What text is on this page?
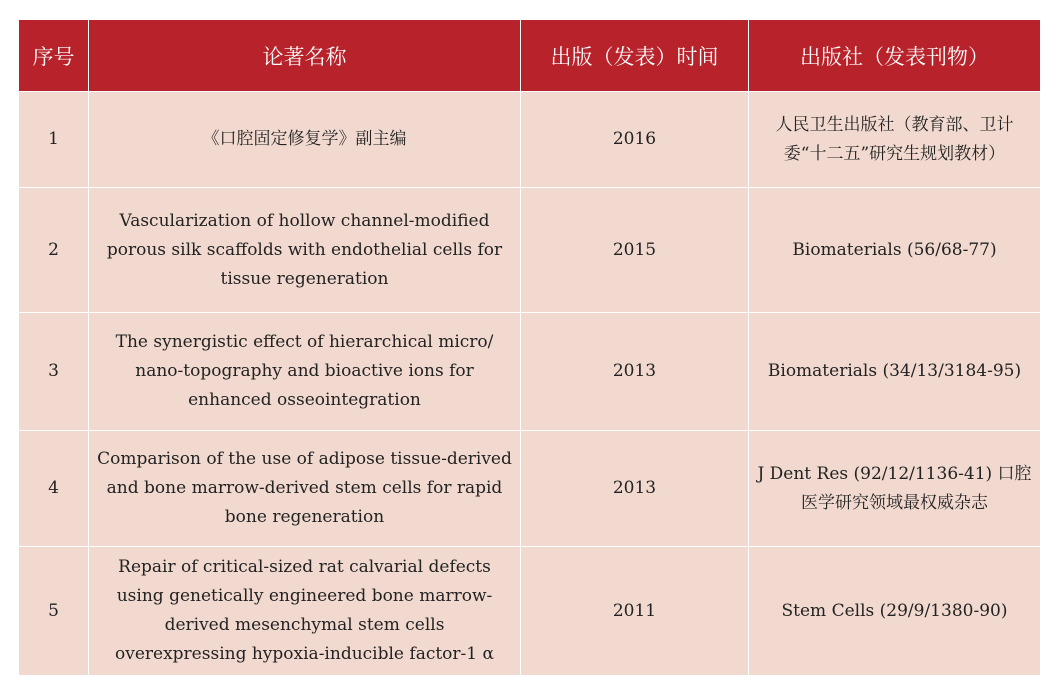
序号	论著名称	出版（发表）时间	出版社（发表刊物）
1	《口腔固定修复学》副主编	2016	人民卫生出版社（教育部、卫计委“十二五”研究生规划教材）

2	Vascularization of hollow channel-modified porous silk scaffolds with endothelial cells for tissue regeneration	2015	Biomaterials (56/68-77)

3	The synergistic effect of hierarchical micro/ nano-topography and bioactive ions for enhanced osseointegration	2013	Biomaterials (34/13/3184-95)

4	Comparison of the use of adipose tissue-derived and bone marrow-derived stem cells for rapid bone regeneration	2013	J Dent Res (92/12/1136-41) 口腔医学研究领域最权威杂志

5	Repair of critical-sized rat calvarial defects using genetically engineered bone marrow-derived mesenchymal stem cells overexpressing hypoxia-inducible factor-1 α	2011	Stem Cells (29/9/1380-90)
